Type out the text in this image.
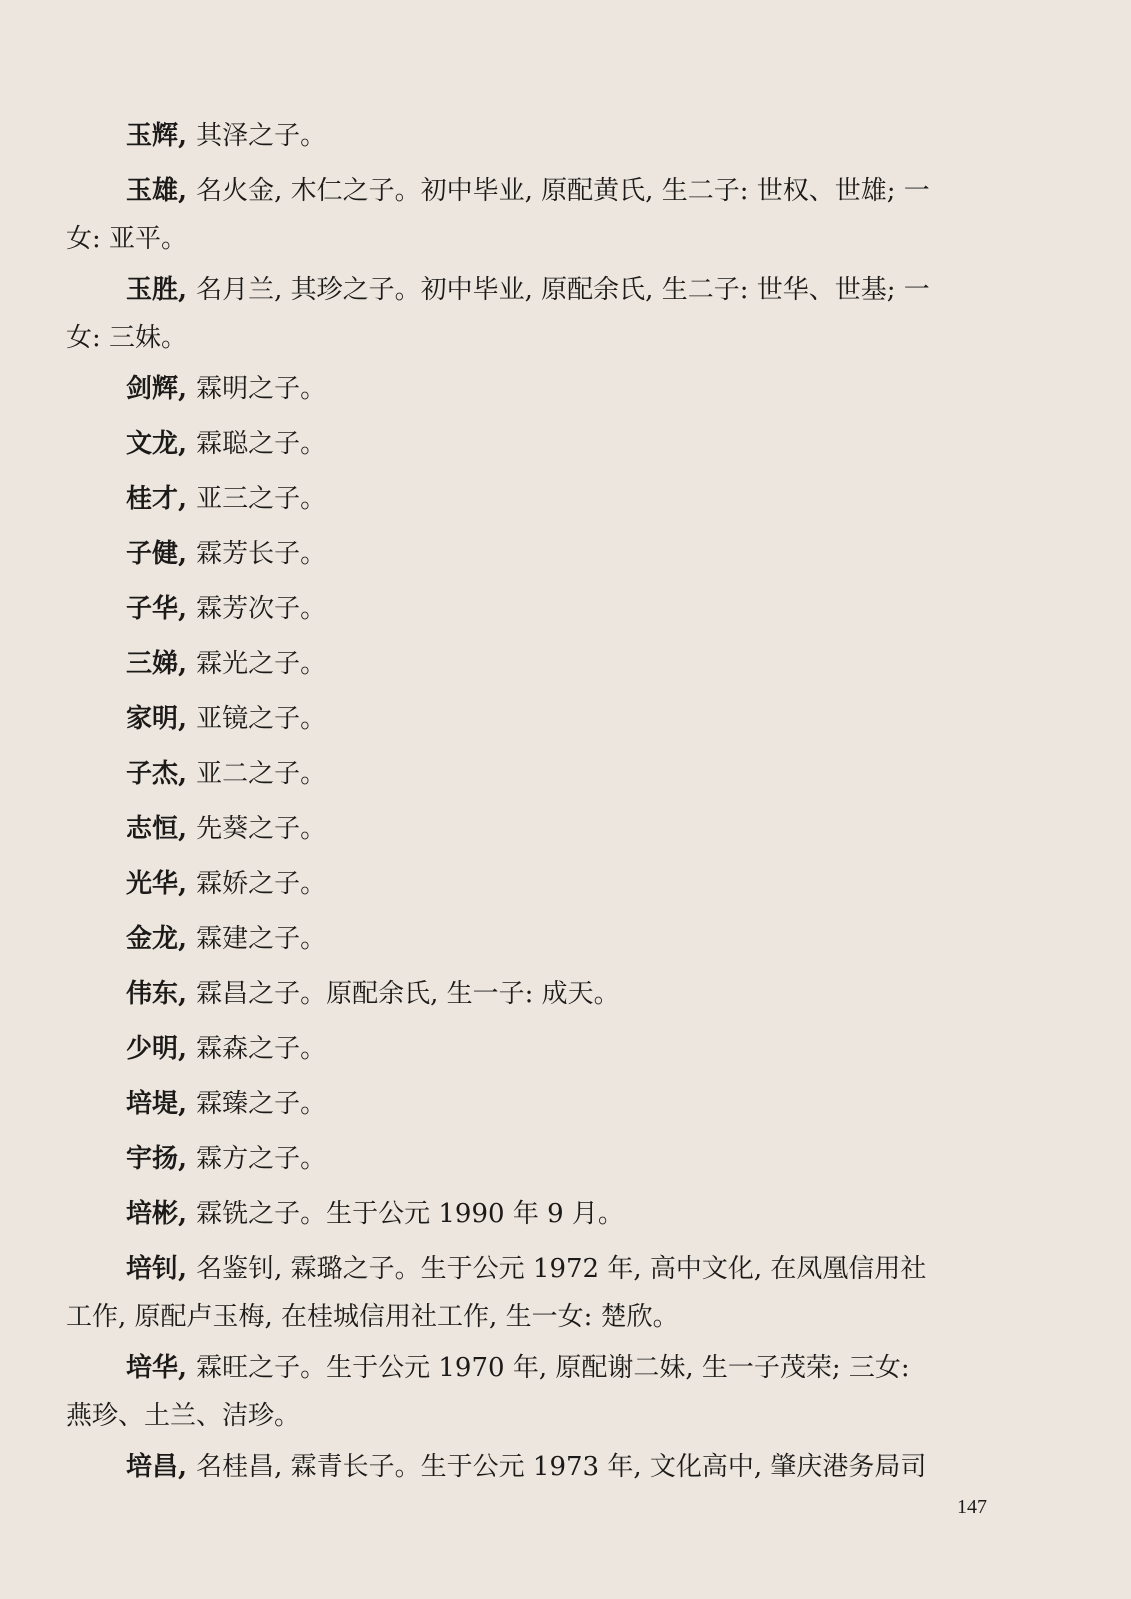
玉辉, 其泽之子。
玉雄, 名火金, 木仁之子。初中毕业, 原配黄氏, 生二子: 世权、世雄; 一
女: 亚平。
玉胜, 名月兰, 其珍之子。初中毕业, 原配余氏, 生二子: 世华、世基; 一
女: 三妹。
剑辉, 霖明之子。
文龙, 霖聪之子。
桂才, 亚三之子。
子健, 霖芳长子。
子华, 霖芳次子。
三娣, 霖光之子。
家明, 亚镜之子。
子杰, 亚二之子。
志恒, 先葵之子。
光华, 霖娇之子。
金龙, 霖建之子。
伟东, 霖昌之子。原配余氏, 生一子: 成天。
少明, 霖森之子。
培堤, 霖臻之子。
宇扬, 霖方之子。
培彬, 霖铣之子。生于公元 1990 年 9 月。
培钊, 名鉴钊, 霖璐之子。生于公元 1972 年, 高中文化, 在凤凰信用社
工作, 原配卢玉梅, 在桂城信用社工作, 生一女: 楚欣。
培华, 霖旺之子。生于公元 1970 年, 原配谢二妹, 生一子茂荣; 三女:
燕珍、土兰、洁珍。
培昌, 名桂昌, 霖青长子。生于公元 1973 年, 文化高中, 肇庆港务局司
147
